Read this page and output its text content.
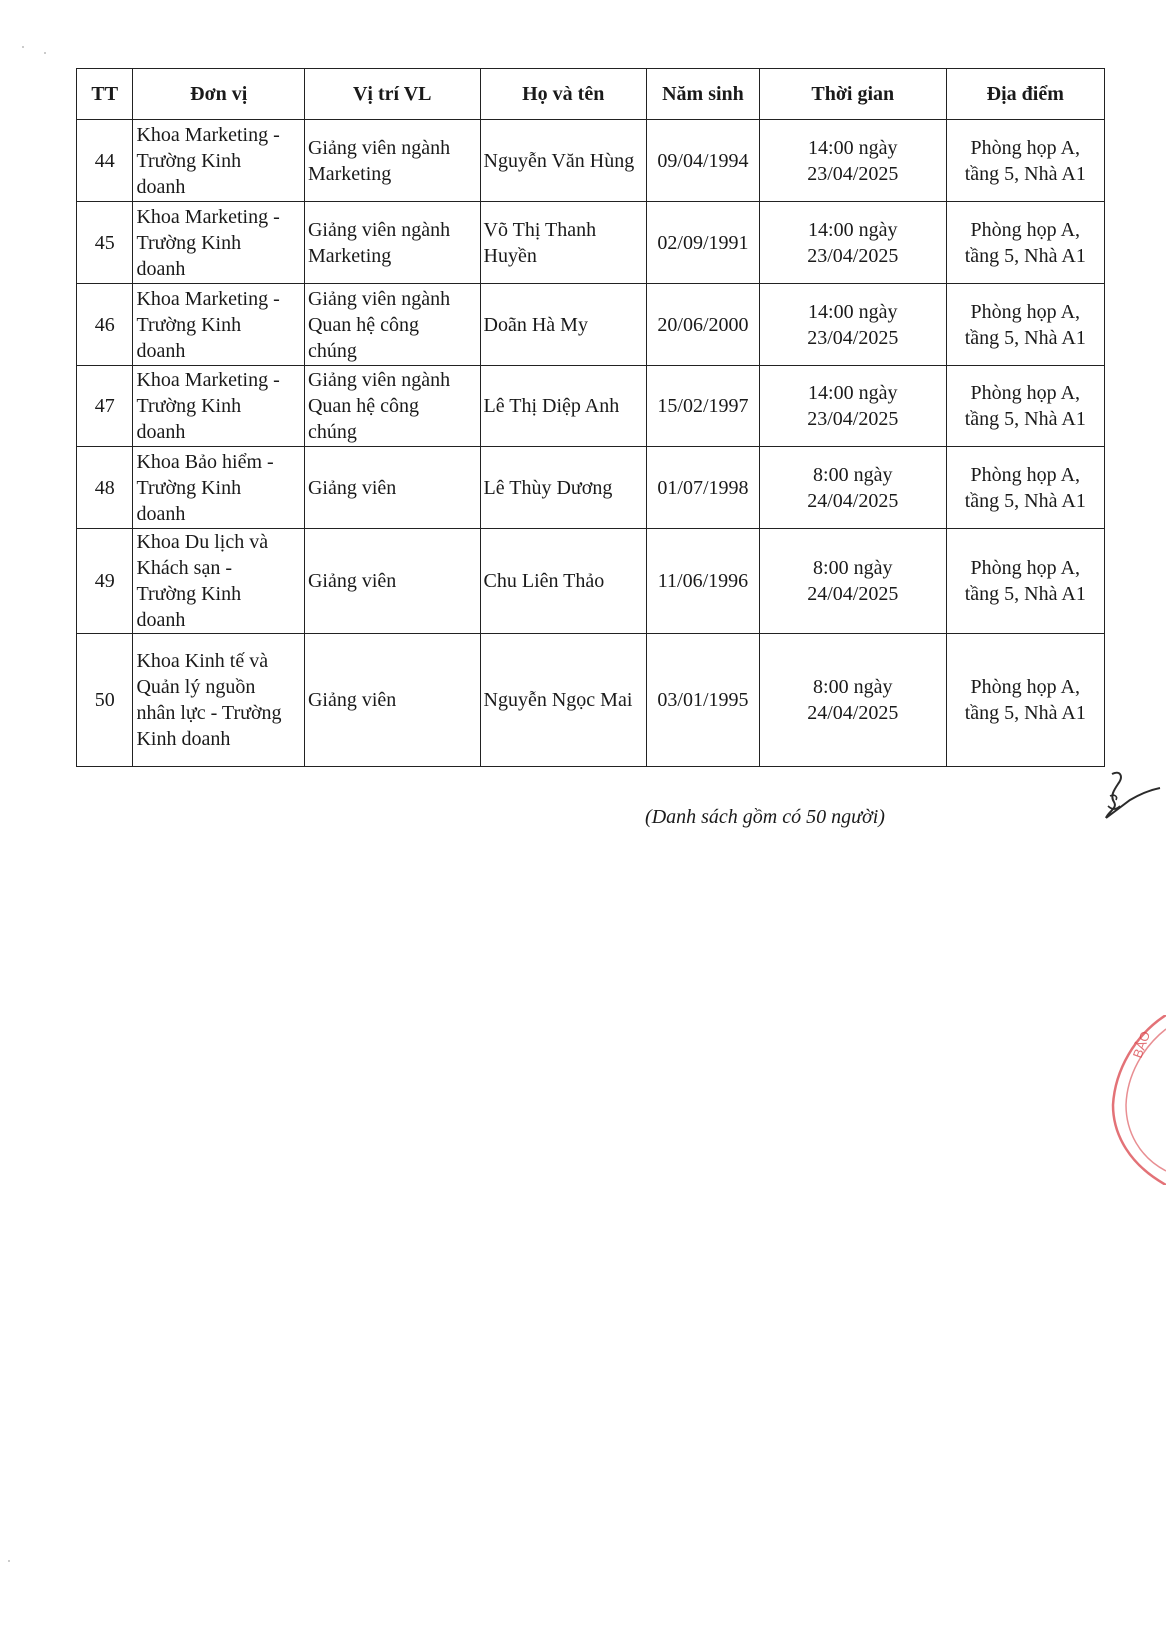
TT	Đơn vị	Vị trí VL	Họ và tên	Năm sinh	Thời gian	Địa điểm
44	Khoa Marketing -
Trường Kinh
doanh	Giảng viên ngành
Marketing	Nguyễn Văn Hùng	09/04/1994	14:00 ngày
23/04/2025	Phòng họp A,
tầng 5, Nhà A1

45	Khoa Marketing -
Trường Kinh
doanh	Giảng viên ngành
Marketing	Võ Thị Thanh
Huyền	02/09/1991	14:00 ngày
23/04/2025	Phòng họp A,
tầng 5, Nhà A1

46	Khoa Marketing -
Trường Kinh
doanh	Giảng viên ngành
Quan hệ công
chúng	Doãn Hà My	20/06/2000	14:00 ngày
23/04/2025	Phòng họp A,
tầng 5, Nhà A1

47	Khoa Marketing -
Trường Kinh
doanh	Giảng viên ngành
Quan hệ công
chúng	Lê Thị Diệp Anh	15/02/1997	14:00 ngày
23/04/2025	Phòng họp A,
tầng 5, Nhà A1

48	Khoa Bảo hiểm -
Trường Kinh
doanh	Giảng viên	Lê Thùy Dương	01/07/1998	8:00 ngày
24/04/2025	Phòng họp A,
tầng 5, Nhà A1

49	Khoa Du lịch và
Khách sạn -
Trường Kinh
doanh	Giảng viên	Chu Liên Thảo	11/06/1996	8:00 ngày
24/04/2025	Phòng họp A,
tầng 5, Nhà A1

50	Khoa Kinh tế và
Quản lý nguồn
nhân lực - Trường
Kinh doanh	Giảng viên	Nguyễn Ngọc Mai	03/01/1995	8:00 ngày
24/04/2025	Phòng họp A,
tầng 5, Nhà A1
(Danh sách gồm có 50 người)
BẢO
